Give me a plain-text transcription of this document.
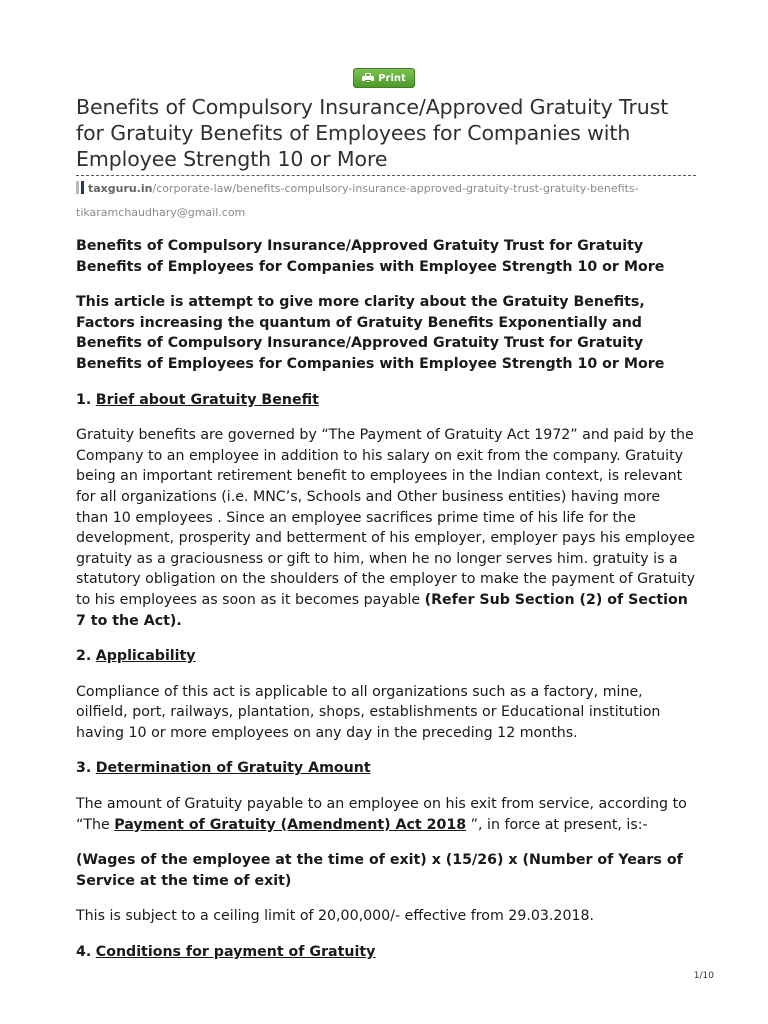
Print
Benefits of Compulsory Insurance/Approved Gratuity Trust for Gratuity Benefits of Employees for Companies with Employee Strength 10 or More
taxguru.in/corporate-law/benefits-compulsory-insurance-approved-gratuity-trust-gratuity-benefits-
tikaramchaudhary@gmail.com

Benefits of Compulsory Insurance/Approved Gratuity Trust for Gratuity Benefits of Employees for Companies with Employee Strength 10 or More

This article is attempt to give more clarity about the Gratuity Benefits, Factors increasing the quantum of Gratuity Benefits Exponentially and Benefits of Compulsory Insurance/Approved Gratuity Trust for Gratuity Benefits of Employees for Companies with Employee Strength 10 or More

1. Brief about Gratuity Benefit

Gratuity benefits are governed by “The Payment of Gratuity Act 1972” and paid by the Company to an employee in addition to his salary on exit from the company. Gratuity being an important retirement benefit to employees in the Indian context, is relevant for all organizations (i.e. MNC’s, Schools and Other business entities) having more than 10 employees . Since an employee sacrifices prime time of his life for the development, prosperity and betterment of his employer, employer pays his employee gratuity as a graciousness or gift to him, when he no longer serves him. gratuity is a statutory obligation on the shoulders of the employer to make the payment of Gratuity to his employees as soon as it becomes payable (Refer Sub Section (2) of Section 7 to the Act).

2. Applicability

Compliance of this act is applicable to all organizations such as a factory, mine, oilfield, port, railways, plantation, shops, establishments or Educational institution having 10 or more employees on any day in the preceding 12 months.

3. Determination of Gratuity Amount

The amount of Gratuity payable to an employee on his exit from service, according to “The Payment of Gratuity (Amendment) Act 2018 ”, in force at present, is:-

(Wages of the employee at the time of exit) x (15/26) x (Number of Years of Service at the time of exit)

This is subject to a ceiling limit of 20,00,000/- effective from 29.03.2018.

4. Conditions for payment of Gratuity

1/10
